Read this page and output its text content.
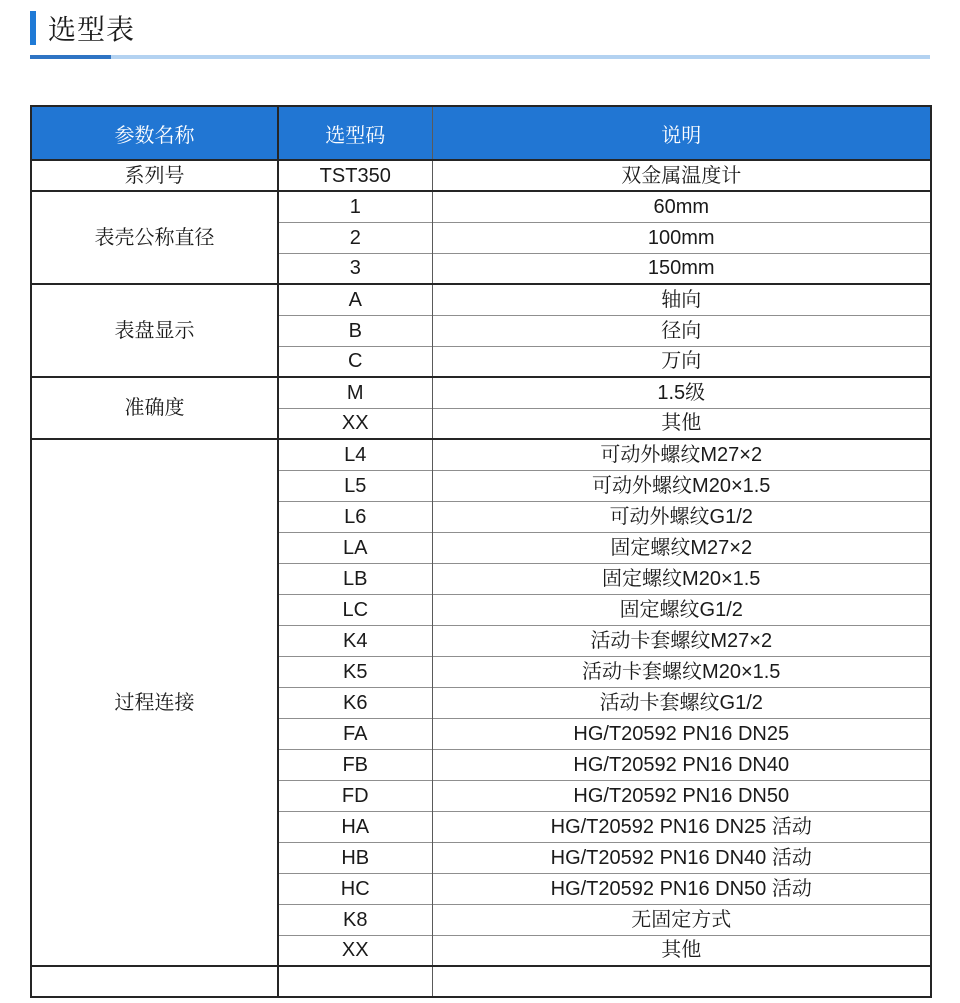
选型表
参数名称	选型码	说明
系列号	TST350	双金属温度计
表壳公称直径	1	60mm
	2	100mm
	3	150mm
表盘显示	A	轴向
	B	径向
	C	万向
准确度	M	1.5级
	XX	其他
过程连接	L4	可动外螺纹M27×2
	L5	可动外螺纹M20×1.5
	L6	可动外螺纹G1/2
	LA	固定螺纹M27×2
	LB	固定螺纹M20×1.5
	LC	固定螺纹G1/2
	K4	活动卡套螺纹M27×2
	K5	活动卡套螺纹M20×1.5
	K6	活动卡套螺纹G1/2
	FA	HG/T20592 PN16 DN25
	FB	HG/T20592 PN16 DN40
	FD	HG/T20592 PN16 DN50
	HA	HG/T20592 PN16 DN25 活动
	HB	HG/T20592 PN16 DN40 活动
	HC	HG/T20592 PN16 DN50 活动
	K8	无固定方式
	XX	其他
